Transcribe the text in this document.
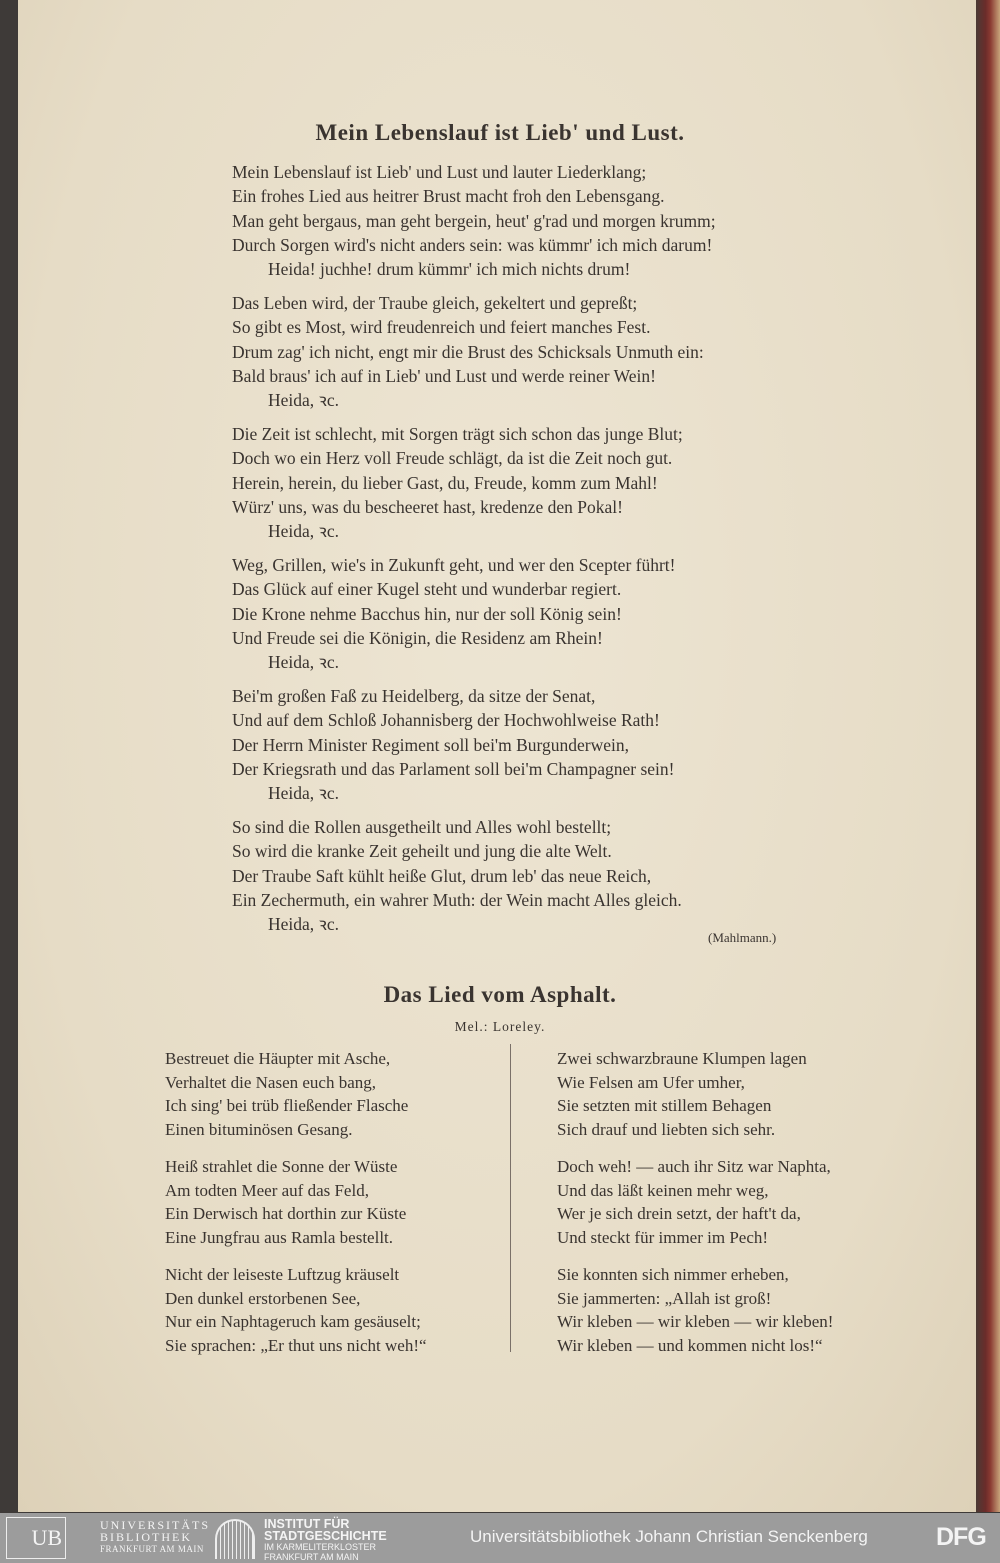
Mein Lebenslauf ist Lieb' und Lust.
Mein Lebenslauf ist Lieb' und Lust und lauter Liederklang;
Ein frohes Lied aus heitrer Brust macht froh den Lebensgang.
Man geht bergaus, man geht bergein, heut' g'rad und morgen krumm;
Durch Sorgen wird's nicht anders sein: was kümmr' ich mich darum!
Heida! juchhe! drum kümmr' ich mich nichts drum!
Das Leben wird, der Traube gleich, gekeltert und gepreßt;
So gibt es Most, wird freudenreich und feiert manches Fest.
Drum zag' ich nicht, engt mir die Brust des Schicksals Unmuth ein:
Bald braus' ich auf in Lieb' und Lust und werde reiner Wein!
Heida, ꝛc.
Die Zeit ist schlecht, mit Sorgen trägt sich schon das junge Blut;
Doch wo ein Herz voll Freude schlägt, da ist die Zeit noch gut.
Herein, herein, du lieber Gast, du, Freude, komm zum Mahl!
Würz' uns, was du bescheeret hast, kredenze den Pokal!
Heida, ꝛc.
Weg, Grillen, wie's in Zukunft geht, und wer den Scepter führt!
Das Glück auf einer Kugel steht und wunderbar regiert.
Die Krone nehme Bacchus hin, nur der soll König sein!
Und Freude sei die Königin, die Residenz am Rhein!
Heida, ꝛc.
Bei'm großen Faß zu Heidelberg, da sitze der Senat,
Und auf dem Schloß Johannisberg der Hochwohlweise Rath!
Der Herrn Minister Regiment soll bei'm Burgunderwein,
Der Kriegsrath und das Parlament soll bei'm Champagner sein!
Heida, ꝛc.
So sind die Rollen ausgetheilt und Alles wohl bestellt;
So wird die kranke Zeit geheilt und jung die alte Welt.
Der Traube Saft kühlt heiße Glut, drum leb' das neue Reich,
Ein Zechermuth, ein wahrer Muth: der Wein macht Alles gleich.
Heida, ꝛc.
(Mahlmann.)
Das Lied vom Asphalt.
Mel.: Loreley.
Bestreuet die Häupter mit Asche,
Verhaltet die Nasen euch bang,
Ich sing' bei trüb fließender Flasche
Einen bituminösen Gesang.
Heiß strahlet die Sonne der Wüste
Am todten Meer auf das Feld,
Ein Derwisch hat dorthin zur Küste
Eine Jungfrau aus Ramla bestellt.
Nicht der leiseste Luftzug kräuselt
Den dunkel erstorbenen See,
Nur ein Naphtageruch kam gesäuselt;
Sie sprachen: „Er thut uns nicht weh!“
Zwei schwarzbraune Klumpen lagen
Wie Felsen am Ufer umher,
Sie setzten mit stillem Behagen
Sich drauf und liebten sich sehr.
Doch weh! — auch ihr Sitz war Naphta,
Und das läßt keinen mehr weg,
Wer je sich drein setzt, der haft't da,
Und steckt für immer im Pech!
Sie konnten sich nimmer erheben,
Sie jammerten: „Allah ist groß!
Wir kleben — wir kleben — wir kleben!
Wir kleben — und kommen nicht los!“
UB	UNIVERSITÄTS
BIBLIOTHEK
FRANKFURT AM MAIN
INSTITUT FÜR
STADTGESCHICHTE
IM KARMELITERKLOSTER
FRANKFURT AM MAIN
Universitätsbibliothek Johann Christian Senckenberg	DFG
